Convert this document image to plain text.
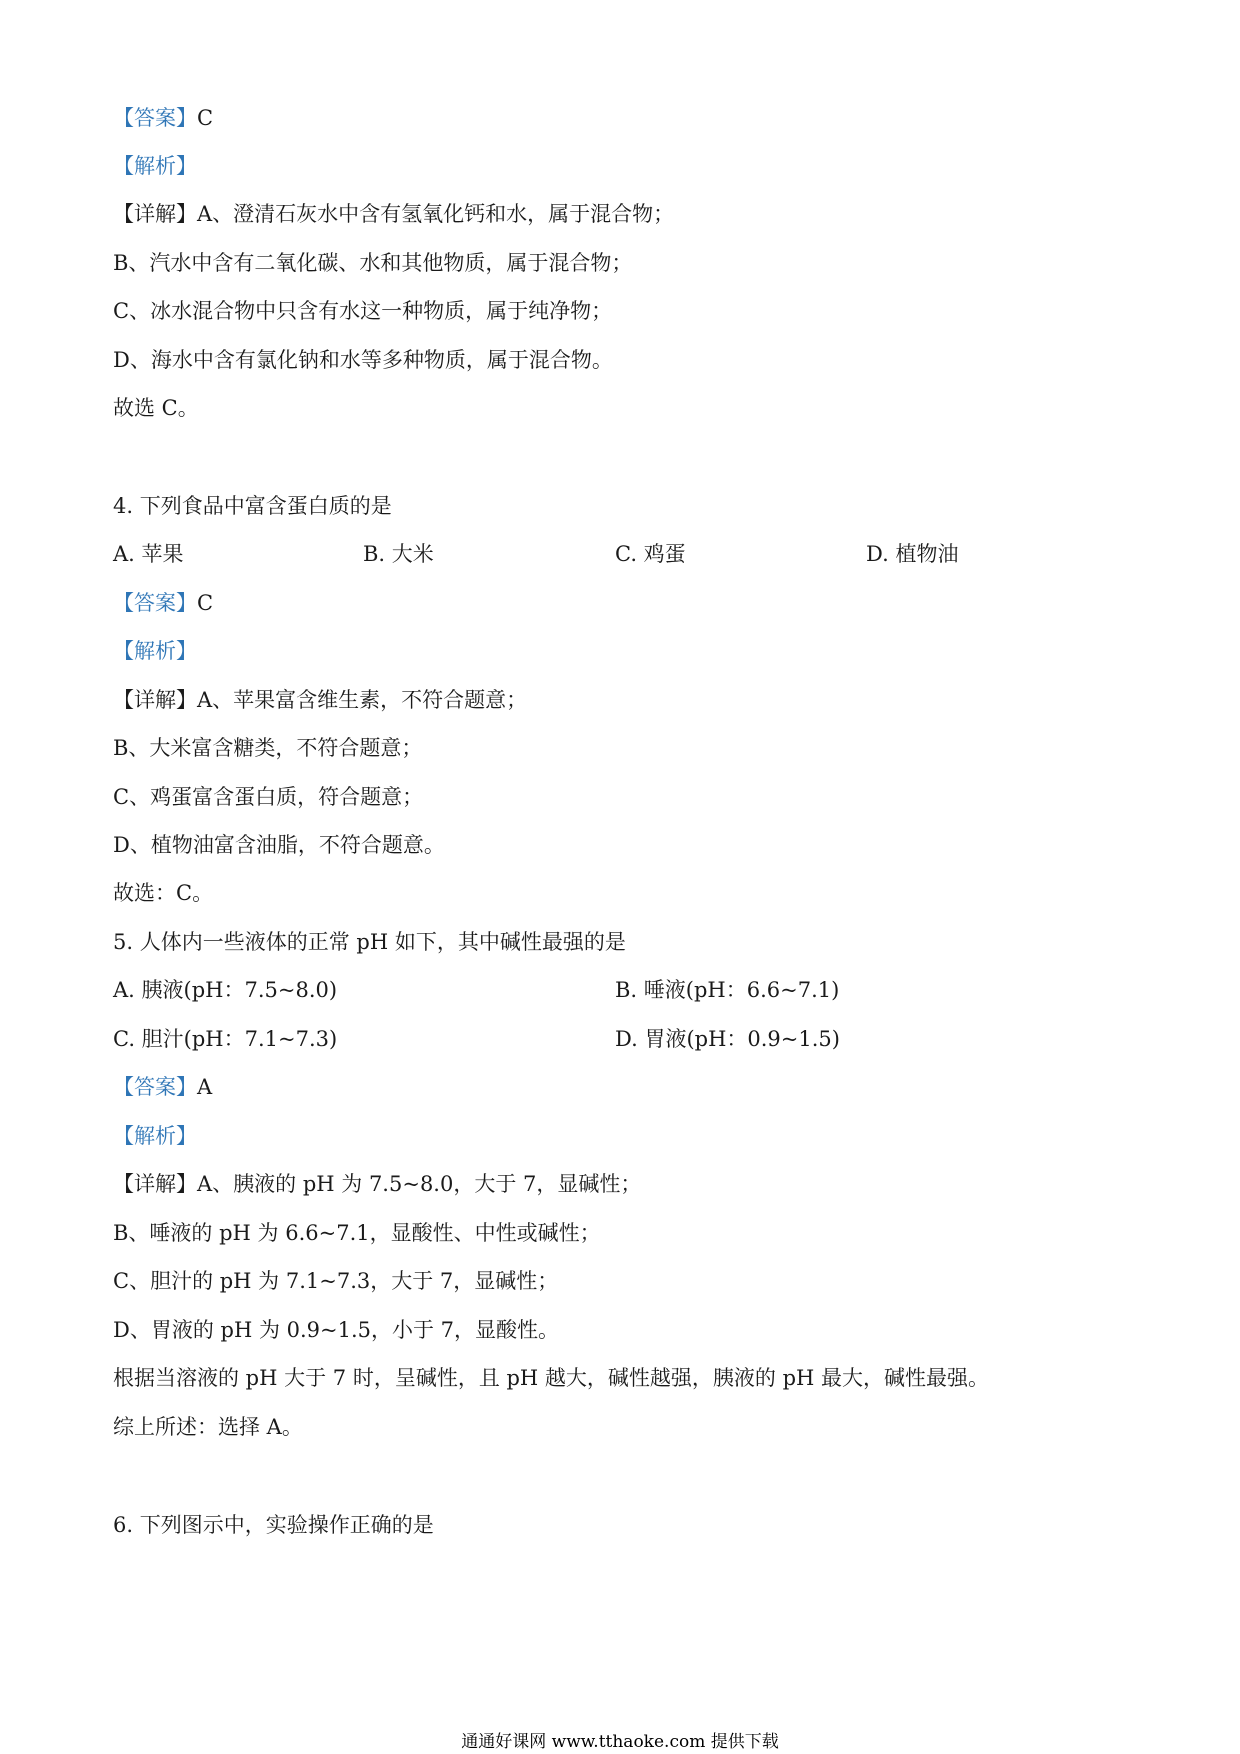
【答案】C
【解析】
【详解】A、澄清石灰水中含有氢氧化钙和水，属于混合物；
B、汽水中含有二氧化碳、水和其他物质，属于混合物；
C、冰水混合物中只含有水这一种物质，属于纯净物；
D、海水中含有氯化钠和水等多种物质，属于混合物。
故选 C。
4. 下列食品中富含蛋白质的是
A. 苹果	B. 大米	C. 鸡蛋	D. 植物油
【答案】C
【解析】
【详解】A、苹果富含维生素，不符合题意；
B、大米富含糖类，不符合题意；
C、鸡蛋富含蛋白质，符合题意；
D、植物油富含油脂，不符合题意。
故选：C。
5. 人体内一些液体的正常 pH 如下，其中碱性最强的是
A. 胰液(pH：7.5~8.0)	B. 唾液(pH：6.6~7.1)
C. 胆汁(pH：7.1~7.3)	D. 胃液(pH：0.9~1.5)
【答案】A
【解析】
【详解】A、胰液的 pH 为 7.5~8.0，大于 7，显碱性；
B、唾液的 pH 为 6.6~7.1，显酸性、中性或碱性；
C、胆汁的 pH 为 7.1~7.3，大于 7，显碱性；
D、胃液的 pH 为 0.9~1.5，小于 7，显酸性。
根据当溶液的 pH 大于 7 时，呈碱性，且 pH 越大，碱性越强，胰液的 pH 最大，碱性最强。
综上所述：选择 A。
6. 下列图示中，实验操作正确的是
通通好课网 www.tthaoke.com 提供下载
